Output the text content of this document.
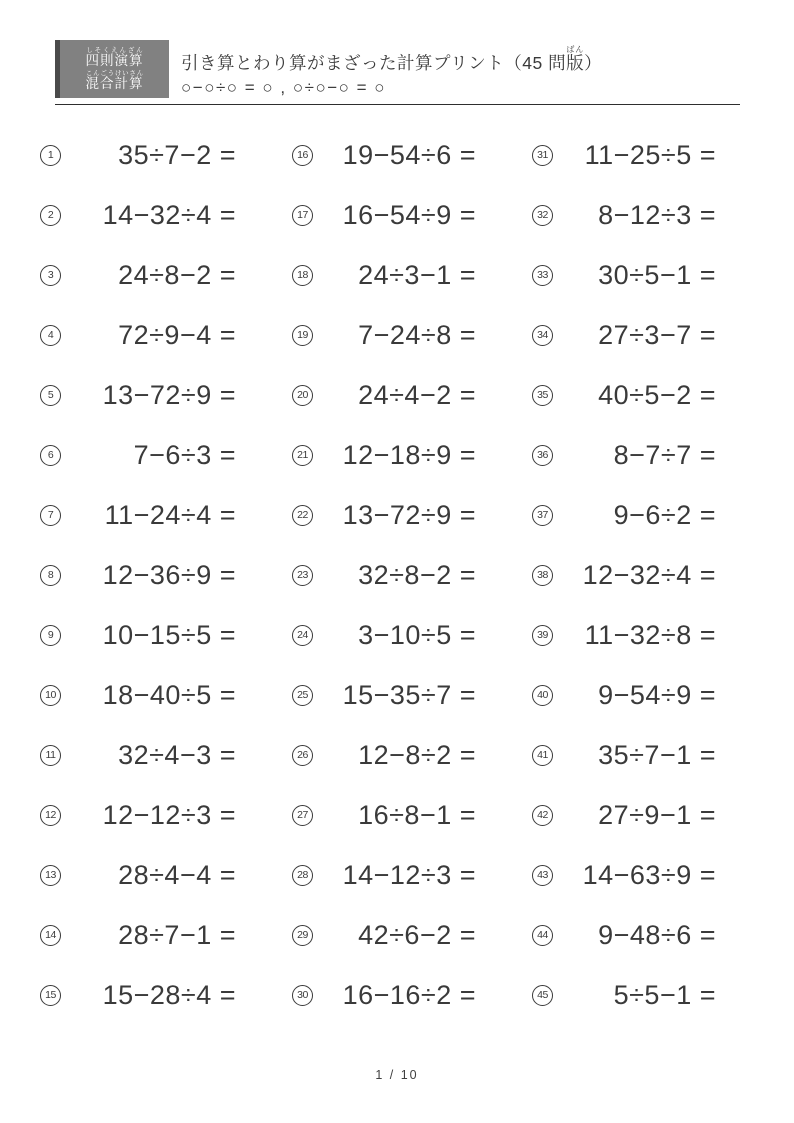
四則演算しそくえんざん
混合計算こんごうけいさん
引き算とわり算がまざった計算プリント（45 問版ばん）
○−○÷○ = ○ , ○÷○−○ = ○
1 35÷7−2 =
2 14−32÷4 =
3 24÷8−2 =
4 72÷9−4 =
5 13−72÷9 =
6	7−6÷3 =
7 11−24÷4 =
8 12−36÷9 =
9 10−15÷5 =
10 18−40÷5 =
11 32÷4−3 =
12 12−12÷3 =
13 28÷4−4 =
14 28÷7−1 =
15 15−28÷4 =
16 19−54÷6 =
17 16−54÷9 =
18 24÷3−1 =
19 7−24÷8 =
20 24÷4−2 =
21 12−18÷9 =
22 13−72÷9 =
23 32÷8−2 =
24 3−10÷5 =
25 15−35÷7 =
26 12−8÷2 =
27 16÷8−1 =
28 14−12÷3 =
29 42÷6−2 =
30 16−16÷2 =
31 11−25÷5 =
32 8−12÷3 =
33 30÷5−1 =
34 27÷3−7 =
35 40÷5−2 =
36 8−7÷7 =
37 9−6÷2 =
38 12−32÷4 =
39 11−32÷8 =
40 9−54÷9 =
41 35÷7−1 =
42 27÷9−1 =
43 14−63÷9 =
44 9−48÷6 =
45 5÷5−1 =
1 / 10
